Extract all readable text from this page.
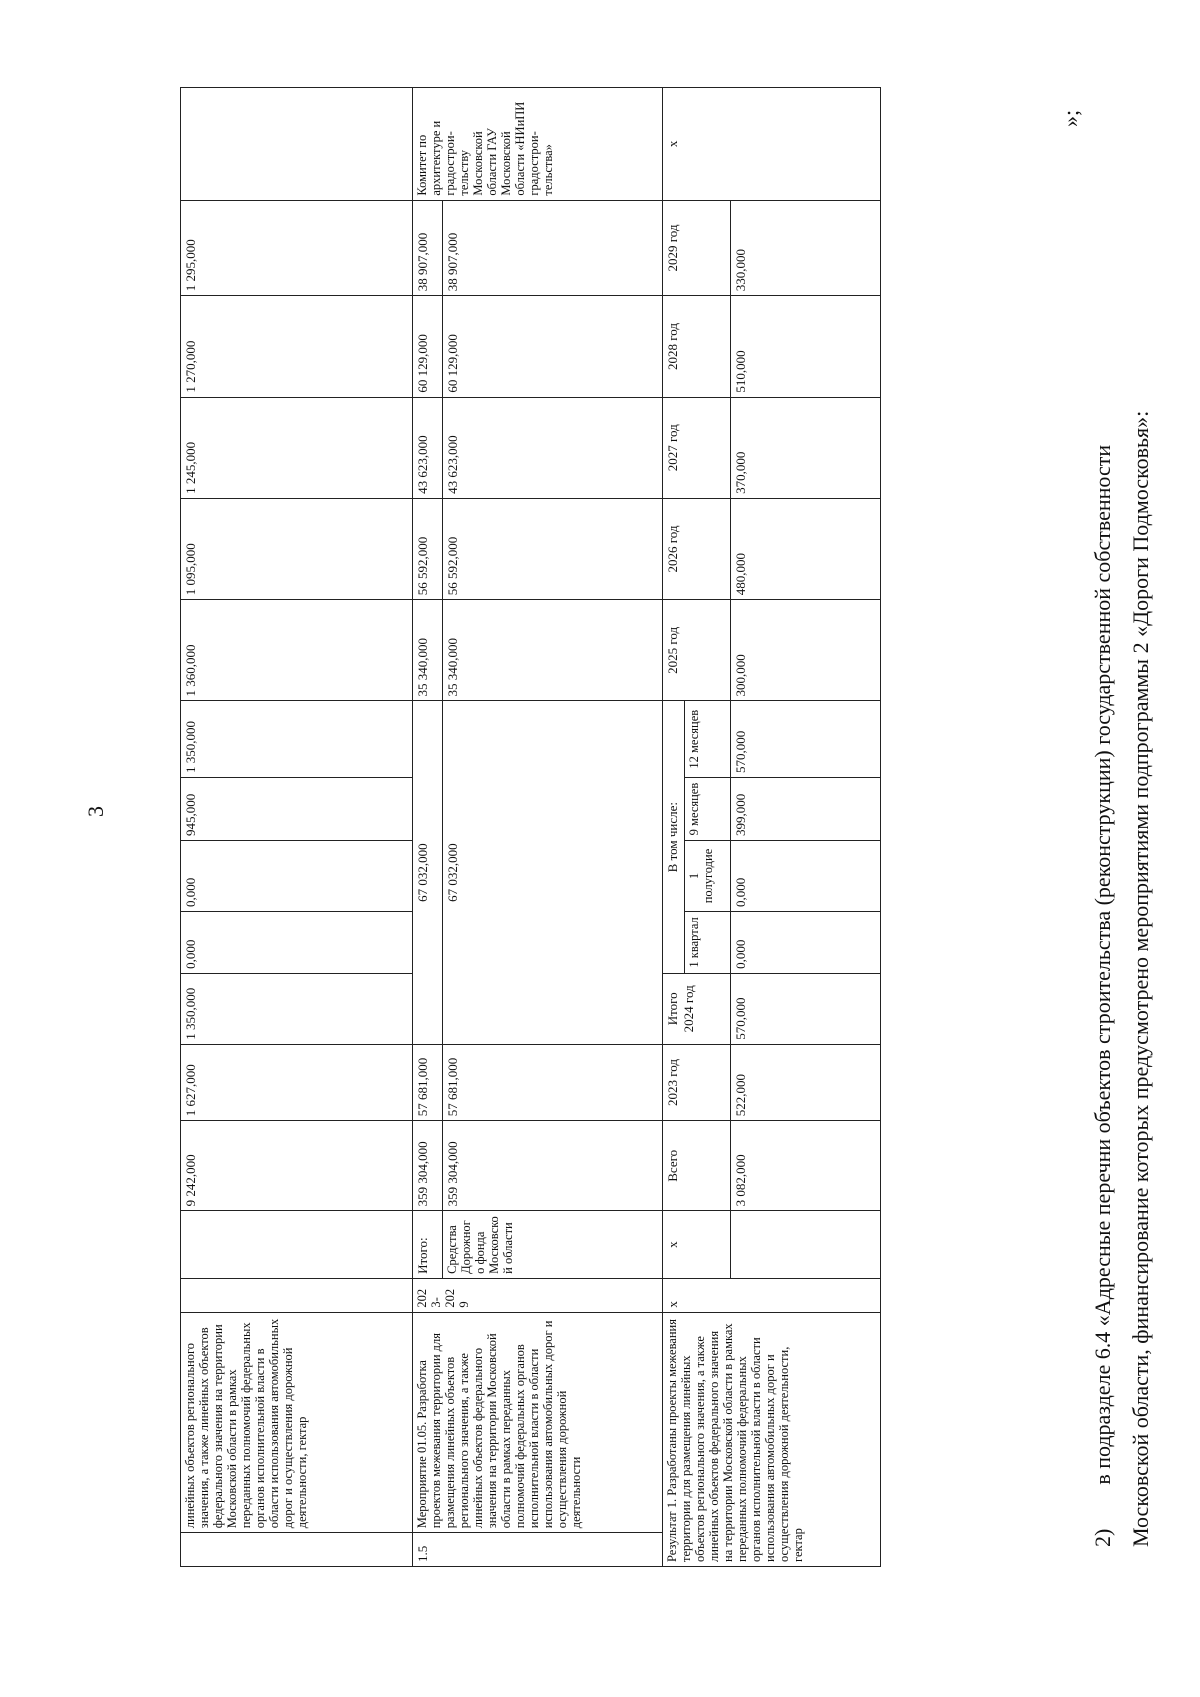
3
	линейных объектов регионального значения, а также линейных объектов федерального значения на территории Московской области в рамках переданных полномочий федеральных органов исполнительной власти в области использования автомобильных дорог и осуществления дорожной деятельности, гектар			9 242,000	1 627,000	1 350,000	0,000	0,000	945,000	1 350,000	1 360,000	1 095,000	1 245,000	1 270,000	1 295,000	
1.5	Мероприятие 01.05. Разработка проектов межевания территории для размещения линейных объектов регионального значения, а также линейных объектов федерального значения на территории Московской области в рамках переданных полномочий федеральных органов исполнительной власти в области использования автомобильных дорог и осуществления дорожной деятельности	2023-2029	Итого:	359 304,000	57 681,000	67 032,000					35 340,000	56 592,000	43 623,000	60 129,000	38 907,000	Комитет по архитектуре и градострои-тельству Московской области ГАУ Московской области «НИиПИ градострои-тельства»
			Средства Дорожного фонда Московской области	359 304,000	57 681,000	67 032,000					35 340,000	56 592,000	43 623,000	60 129,000	38 907,000	
Результат 1. Разработаны проекты межевания территории для размещения линейных объектов регионального значения, а также линейных объектов федерального значения на территории Московской области в рамках переданных полномочий федеральных органов исполнительной власти в области использования автомобильных дорог и осуществления дорожной деятельности, гектар		х	х	Всего	2023 год	Итого 2024 год	В том числе:				2025 год	2026 год	2027 год	2028 год	2029 год	х
							1 квартал	1 полугодие	9 месяцев	12 месяцев						
				3 082,000	522,000	570,000	0,000	0,000	399,000	570,000	300,000	480,000	370,000	510,000	330,000	
»;
2)        в подразделе 6.4 «Адресные перечни объектов строительства (реконструкции) государственной собственности Московской области, финансирование которых предусмотрено мероприятиями подпрограммы 2 «Дороги Подмосковья»:
